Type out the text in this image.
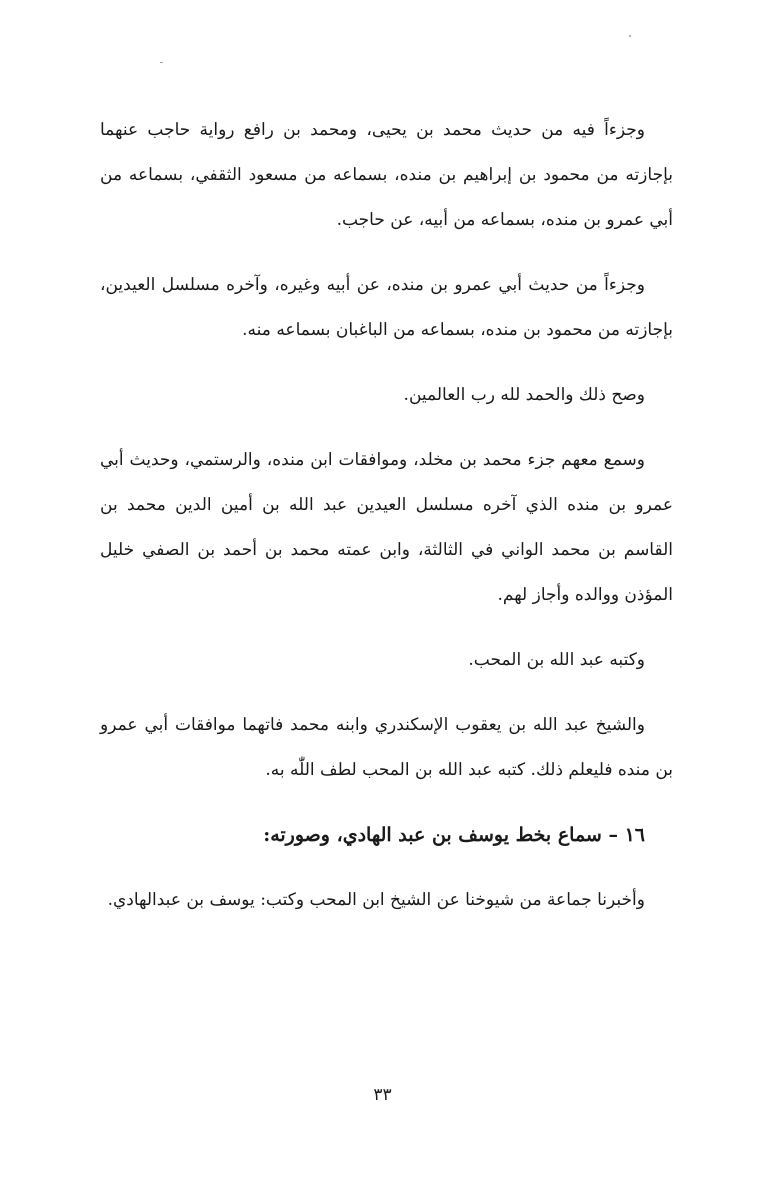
وجزءاً فيه من حديث محمد بن يحيى، ومحمد بن رافع رواية حاجب عنهما بإجازته من محمود بن إبراهيم بن منده، بسماعه من مسعود الثقفي، بسماعه من أبي عمرو بن منده، بسماعه من أبيه، عن حاجب.

وجزءاً من حديث أبي عمرو بن منده، عن أبيه وغيره، وآخره مسلسل العيدين، بإجازته من محمود بن منده، بسماعه من الباغبان بسماعه منه.

وصح ذلك والحمد لله رب العالمين.

وسمع معهم جزء محمد بن مخلد، وموافقات ابن منده، والرستمي، وحديث أبي عمرو بن منده الذي آخره مسلسل العيدين عبد الله بن أمين الدين محمد بن القاسم بن محمد الواني في الثالثة، وابن عمته محمد بن أحمد بن الصفي خليل المؤذن ووالده وأجاز لهم.

وكتبه عبد الله بن المحب.

والشيخ عبد الله بن يعقوب الإسكندري وابنه محمد فاتهما موافقات أبي عمرو بن منده فليعلم ذلك. كتبه عبد الله بن المحب لطف اللّٰه به.

١٦ – سماع بخط يوسف بن عبد الهادي، وصورته:

وأخبرنا جماعة من شيوخنا عن الشيخ ابن المحب وكتب: يوسف بن عبدالهادي.

٣٣
